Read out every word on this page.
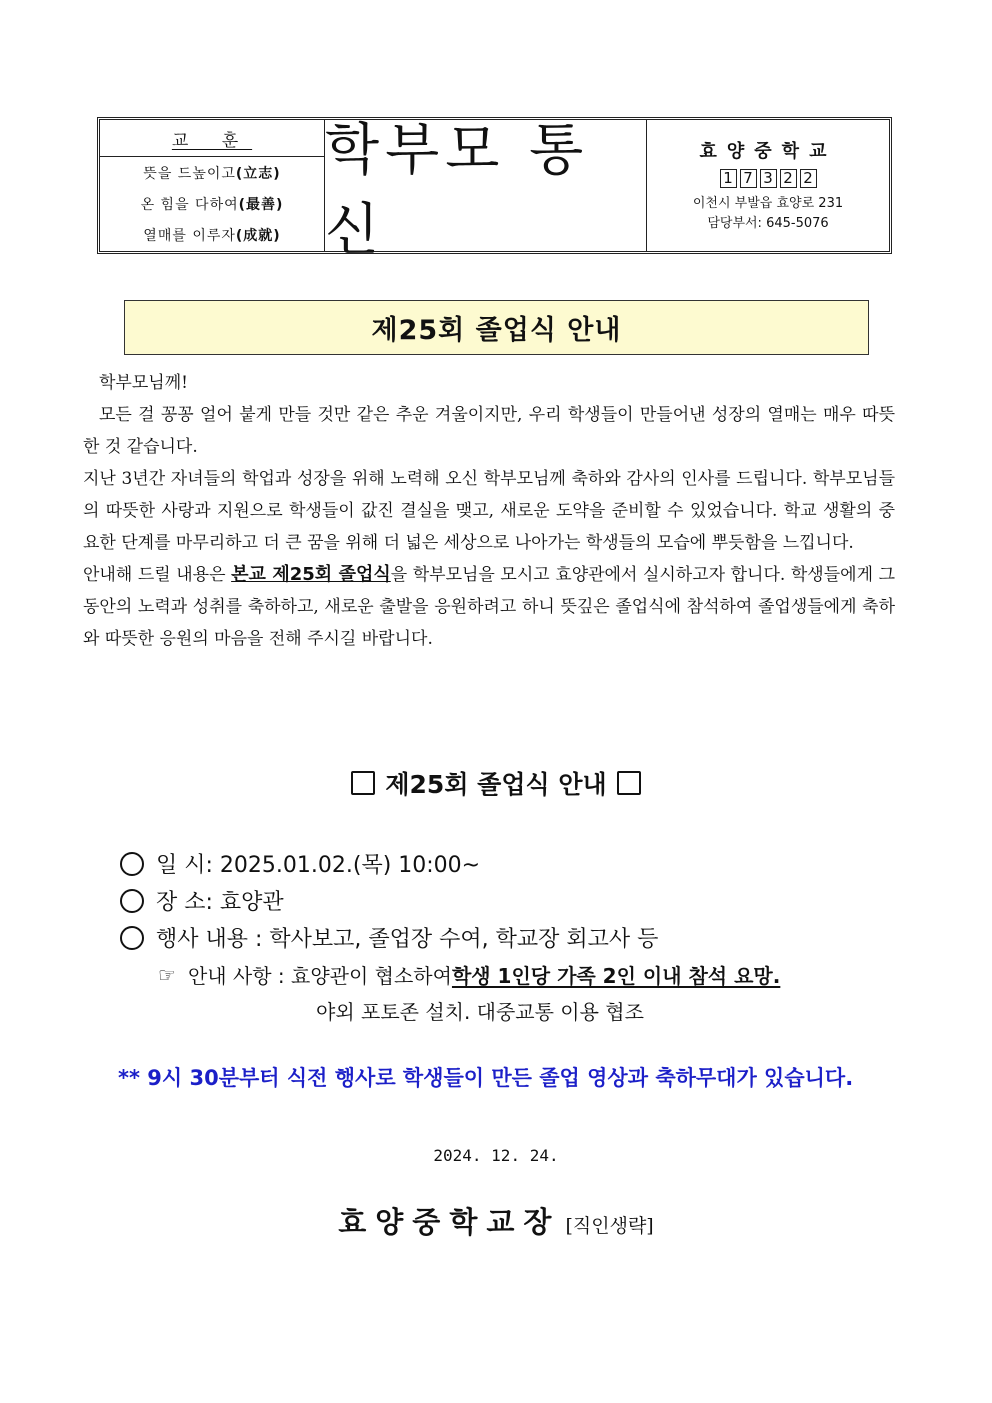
교 훈
뜻을 드높이고 (立志)
온 힘을 다하여 (最善)
열매를 이루자 (成就)
학부모 통신
효양중학교
1 7 3 2 2
이천시 부발읍 효양로 231
담당부서: 645-5076
제25회 졸업식 안내

학부모님께!

모든 걸 꽁꽁 얼어 붙게 만들 것만 같은 추운 겨울이지만, 우리 학생들이 만들어낸 성장의 열매는 매우 따뜻한 것 같습니다.

지난 3년간 자녀들의 학업과 성장을 위해 노력해 오신 학부모님께 축하와 감사의 인사를 드립니다. 학부모님들의 따뜻한 사랑과 지원으로 학생들이 값진 결실을 맺고, 새로운 도약을 준비할 수 있었습니다. 학교 생활의 중요한 단계를 마무리하고 더 큰 꿈을 위해 더 넓은 세상으로 나아가는 학생들의 모습에 뿌듯함을 느낍니다.

안내해 드릴 내용은 본교 제25회 졸업식을 학부모님을 모시고 효양관에서 실시하고자 합니다. 학생들에게 그동안의 노력과 성취를 축하하고, 새로운 출발을 응원하려고 하니 뜻깊은 졸업식에 참석하여 졸업생들에게 축하와 따뜻한 응원의 마음을 전해 주시길 바랍니다.

제25회 졸업식 안내
일 시: 2025.01.02.(목) 10:00~
장 소: 효양관
행사 내용 : 학사보고, 졸업장 수여, 학교장 회고사 등
☞ 안내 사항 : 효양관이 협소하여 학생 1인당 가족 2인 이내 참석 요망.
야외 포토존 설치. 대중교통 이용 협조
** 9시 30분부터 식전 행사로 학생들이 만든 졸업 영상과 축하무대가 있습니다.
2024. 12. 24.
효양중학교장 [직인생략]
